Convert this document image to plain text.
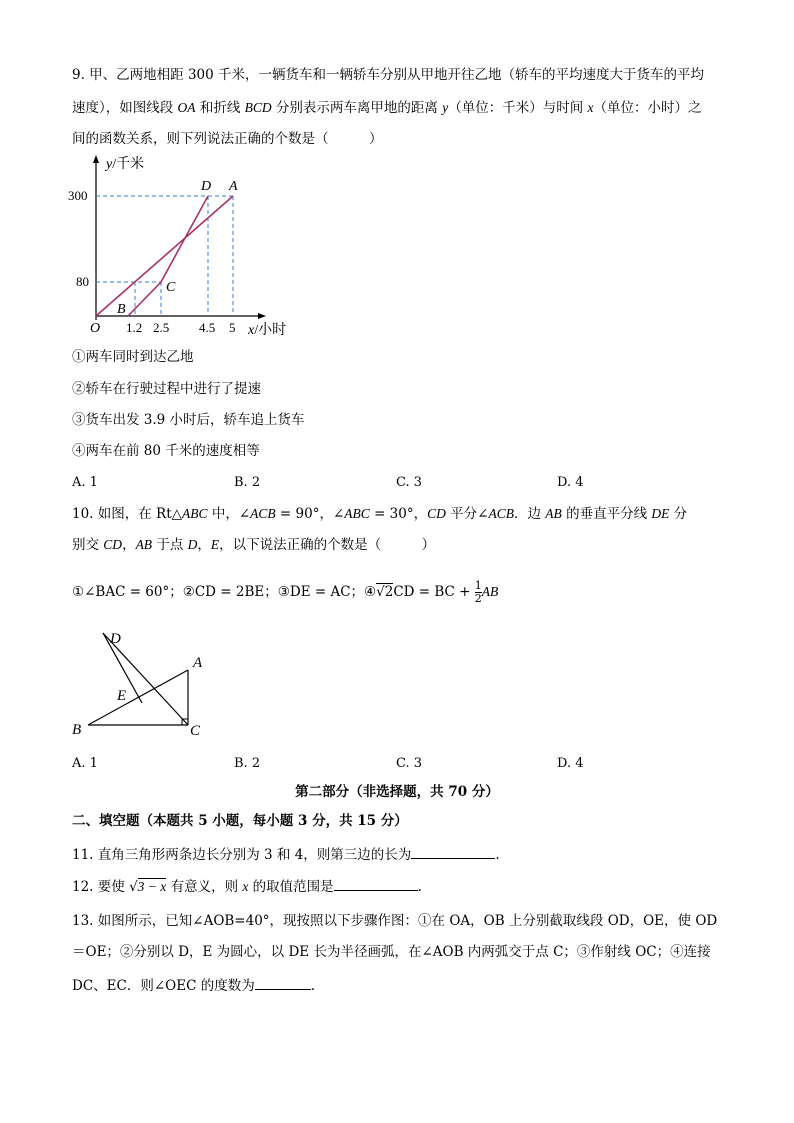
9. 甲、乙两地相距 300 千米，一辆货车和一辆轿车分别从甲地开往乙地（轿车的平均速度大于货车的平均
速度），如图线段 OA 和折线 BCD 分别表示两车离甲地的距离 y（单位：千米）与时间 x（单位：小时）之
间的函数关系，则下列说法正确的个数是（　　　）
y/千米
300
80
O 1.2 2.5 4.5 5 x/小时
D A
C
B
①两车同时到达乙地
②轿车在行驶过程中进行了提速
③货车出发 3.9 小时后，轿车追上货车
④两车在前 80 千米的速度相等
A. 1	B. 2	C. 3	D. 4
10. 如图，在 Rt△ABC 中，∠ACB = 90°，∠ABC = 30°，CD 平分∠ACB．边 AB 的垂直平分线 DE 分
别交 CD，AB 于点 D，E，以下说法正确的个数是（　　　）
①∠BAC = 60°；②CD = 2BE；③DE = AC；④√2CD = BC + $\frac{1}{2}$ AB
D
A
E
B	C
A. 1	B. 2	C. 3	D. 4
第二部分（非选择题，共 70 分）
二、填空题（本题共 5 小题，每小题 3 分，共 15 分）
11. 直角三角形两条边长分别为 3 和 4，则第三边的长为	.
12. 要使 √3 − x 有意义，则 x 的取值范围是	.
13. 如图所示，已知∠AOB=40°，现按照以下步骤作图：①在 OA，OB 上分别截取线段 OD，OE，使 OD
＝OE；②分别以 D，E 为圆心，以 DE 长为半径画弧，在∠AOB 内两弧交于点 C；③作射线 OC；④连接
DC、EC．则∠OEC 的度数为	.
